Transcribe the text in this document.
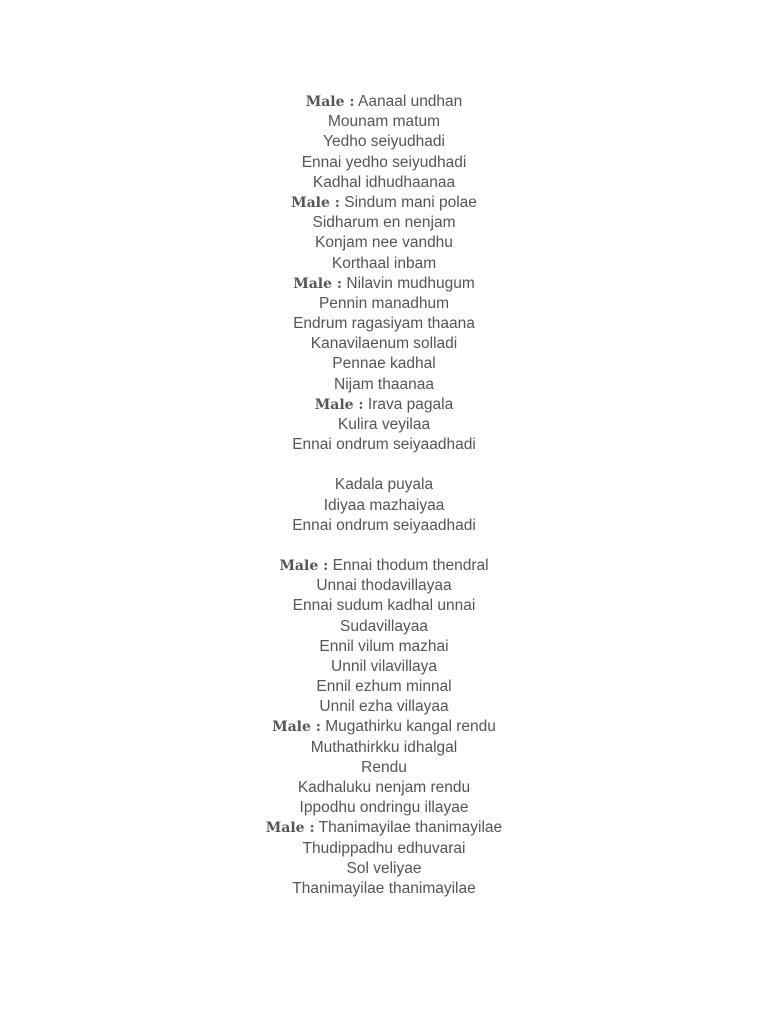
Male : Aanaal undhan
Mounam matum
Yedho seiyudhadi
Ennai yedho seiyudhadi
Kadhal idhudhaanaa
Male : Sindum mani polae
Sidharum en nenjam
Konjam nee vandhu
Korthaal inbam
Male : Nilavin mudhugum
Pennin manadhum
Endrum ragasiyam thaana
Kanavilaenum solladi
Pennae kadhal
Nijam thaanaa
Male : Irava pagala
Kulira veyilaa
Ennai ondrum seiyaadhadi
Kadala puyala
Idiyaa mazhaiyaa
Ennai ondrum seiyaadhadi
Male : Ennai thodum thendral
Unnai thodavillayaa
Ennai sudum kadhal unnai
Sudavillayaa
Ennil vilum mazhai
Unnil vilavillaya
Ennil ezhum minnal
Unnil ezha villayaa
Male : Mugathirku kangal rendu
Muthathirkku idhalgal
Rendu
Kadhaluku nenjam rendu
Ippodhu ondringu illayae
Male : Thanimayilae thanimayilae
Thudippadhu edhuvarai
Sol veliyae
Thanimayilae thanimayilae
